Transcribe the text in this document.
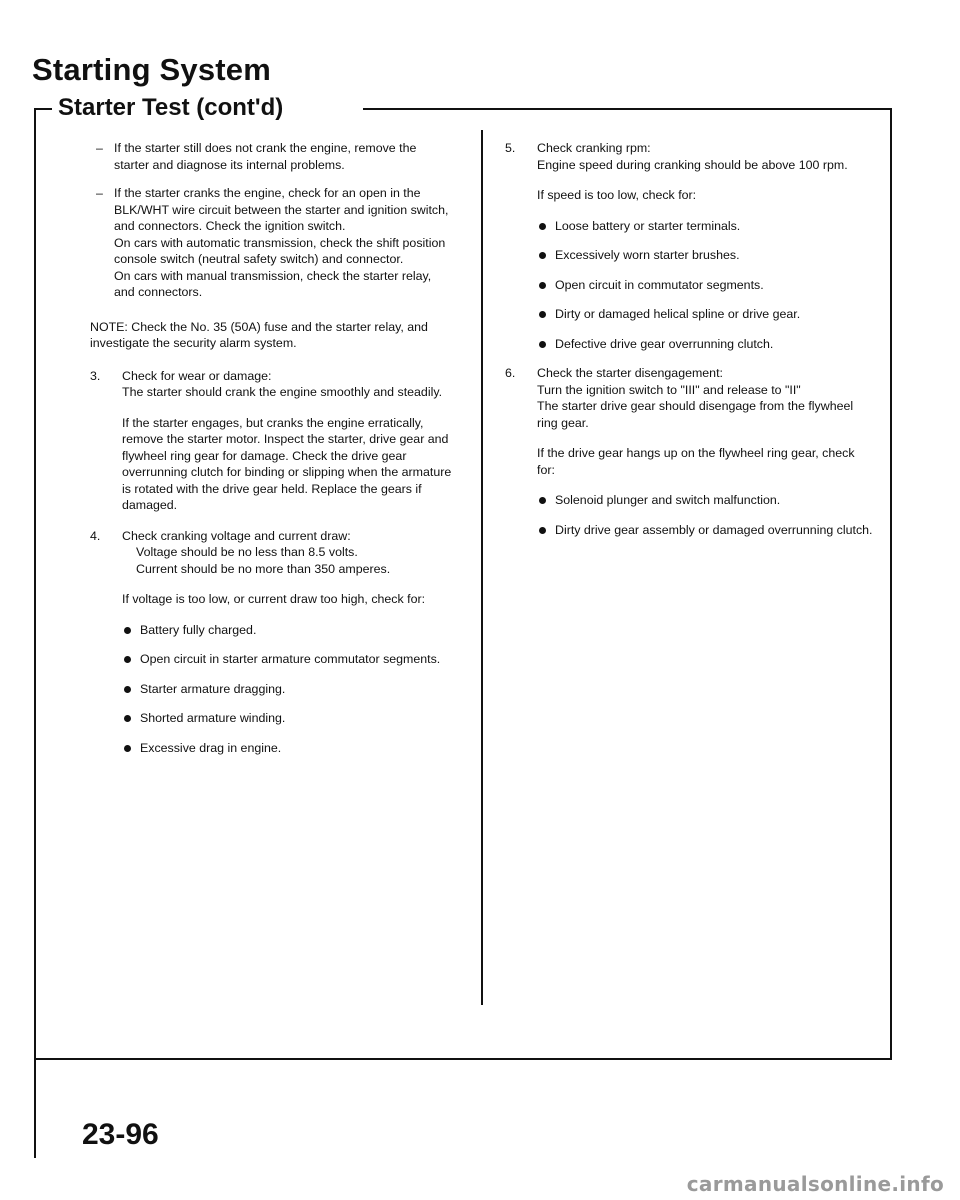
Starting System
Starter Test (cont'd)

– If the starter still does not crank the engine, remove the starter and diagnose its internal problems.

– If the starter cranks the engine, check for an open in the BLK/WHT wire circuit between the starter and ignition switch, and connectors. Check the ignition switch.

On cars with automatic transmission, check the shift position console switch (neutral safety switch) and connector.

On cars with manual transmission, check the starter relay, and connectors.

NOTE: Check the No. 35 (50A) fuse and the starter relay, and investigate the security alarm system.

3. Check for wear or damage:

The starter should crank the engine smoothly and steadily.

If the starter engages, but cranks the engine erratically, remove the starter motor. Inspect the starter, drive gear and flywheel ring gear for damage. Check the drive gear overrunning clutch for binding or slipping when the armature is rotated with the drive gear held. Replace the gears if damaged.

4. Check cranking voltage and current draw:

Voltage should be no less than 8.5 volts.

Current should be no more than 350 amperes.

If voltage is too low, or current draw too high, check for:

Battery fully charged.
Open circuit in starter armature commutator segments.
Starter armature dragging.
Shorted armature winding.
Excessive drag in engine.
5. Check cranking rpm:

Engine speed during cranking should be above 100 rpm.

If speed is too low, check for:

Loose battery or starter terminals.
Excessively worn starter brushes.
Open circuit in commutator segments.
Dirty or damaged helical spline or drive gear.
Defective drive gear overrunning clutch.
6. Check the starter disengagement:

Turn the ignition switch to "III" and release to "II"

The starter drive gear should disengage from the flywheel ring gear.

If the drive gear hangs up on the flywheel ring gear, check for:

Solenoid plunger and switch malfunction.
Dirty drive gear assembly or damaged overrunning clutch.

23-96

carmanualsonline.info
